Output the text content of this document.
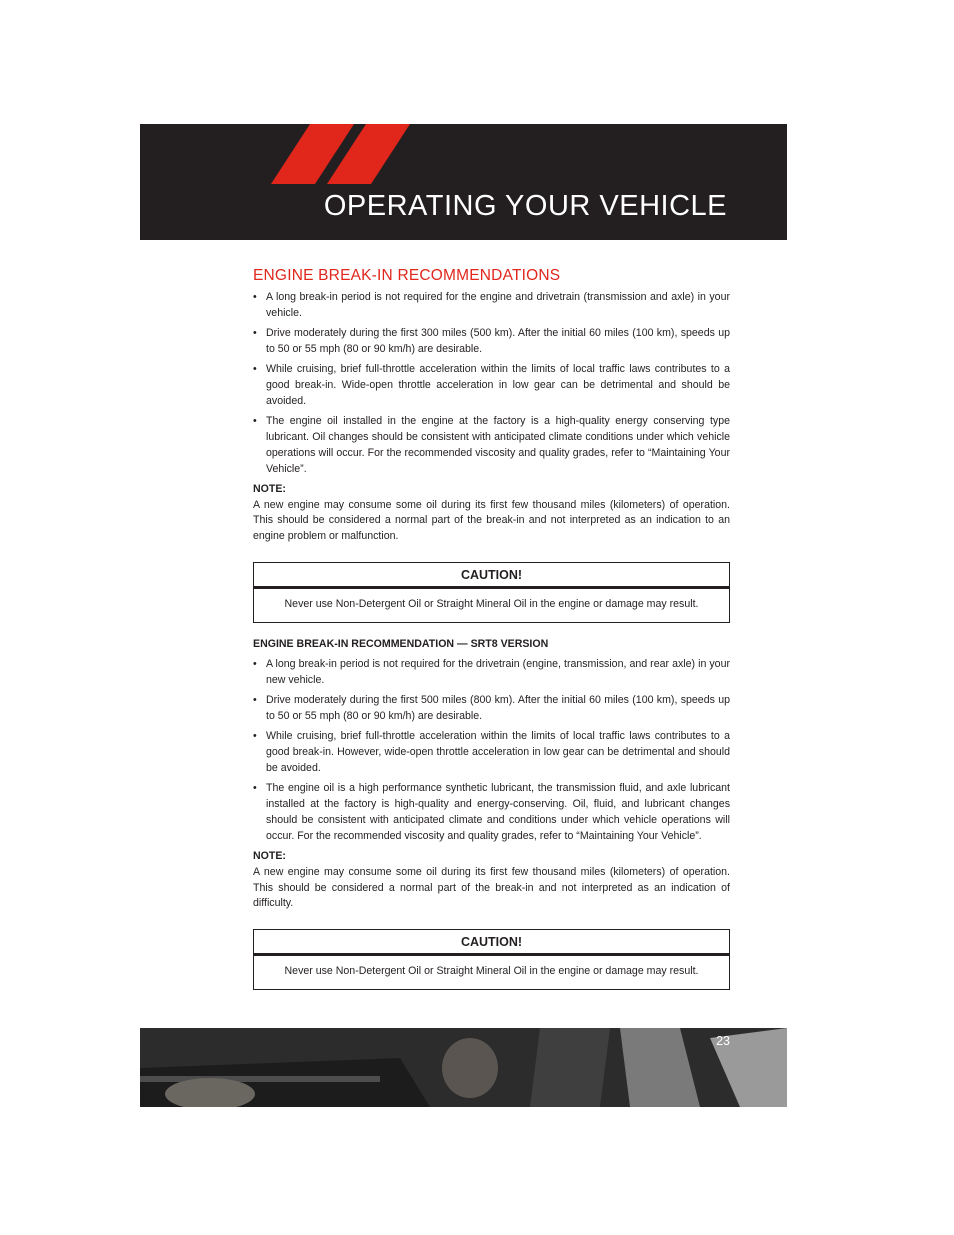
OPERATING YOUR VEHICLE
ENGINE BREAK-IN RECOMMENDATIONS
• A long break-in period is not required for the engine and drivetrain (transmission and axle) in your vehicle.
• Drive moderately during the first 300 miles (500 km). After the initial 60 miles (100 km), speeds up to 50 or 55 mph (80 or 90 km/h) are desirable.
• While cruising, brief full-throttle acceleration within the limits of local traffic laws contributes to a good break-in. Wide-open throttle acceleration in low gear can be detrimental and should be avoided.
• The engine oil installed in the engine at the factory is a high-quality energy conserving type lubricant. Oil changes should be consistent with anticipated climate conditions under which vehicle operations will occur. For the recommended viscosity and quality grades, refer to “Maintaining Your Vehicle”.
NOTE:
A new engine may consume some oil during its first few thousand miles (kilometers) of operation. This should be considered a normal part of the break-in and not interpreted as an indication to an engine problem or malfunction.
CAUTION!
Never use Non-Detergent Oil or Straight Mineral Oil in the engine or damage may result.
ENGINE BREAK-IN RECOMMENDATION — SRT8 VERSION
• A long break-in period is not required for the drivetrain (engine, transmission, and rear axle) in your new vehicle.
• Drive moderately during the first 500 miles (800 km). After the initial 60 miles (100 km), speeds up to 50 or 55 mph (80 or 90 km/h) are desirable.
• While cruising, brief full-throttle acceleration within the limits of local traffic laws contributes to a good break-in. However, wide-open throttle acceleration in low gear can be detrimental and should be avoided.
• The engine oil is a high performance synthetic lubricant, the transmission fluid, and axle lubricant installed at the factory is high-quality and energy-conserving. Oil, fluid, and lubricant changes should be consistent with anticipated climate and conditions under which vehicle operations will occur. For the recommended viscosity and quality grades, refer to “Maintaining Your Vehicle”.
NOTE:
A new engine may consume some oil during its first few thousand miles (kilometers) of operation. This should be considered a normal part of the break-in and not interpreted as an indication of difficulty.
CAUTION!
Never use Non-Detergent Oil or Straight Mineral Oil in the engine or damage may result.
23
